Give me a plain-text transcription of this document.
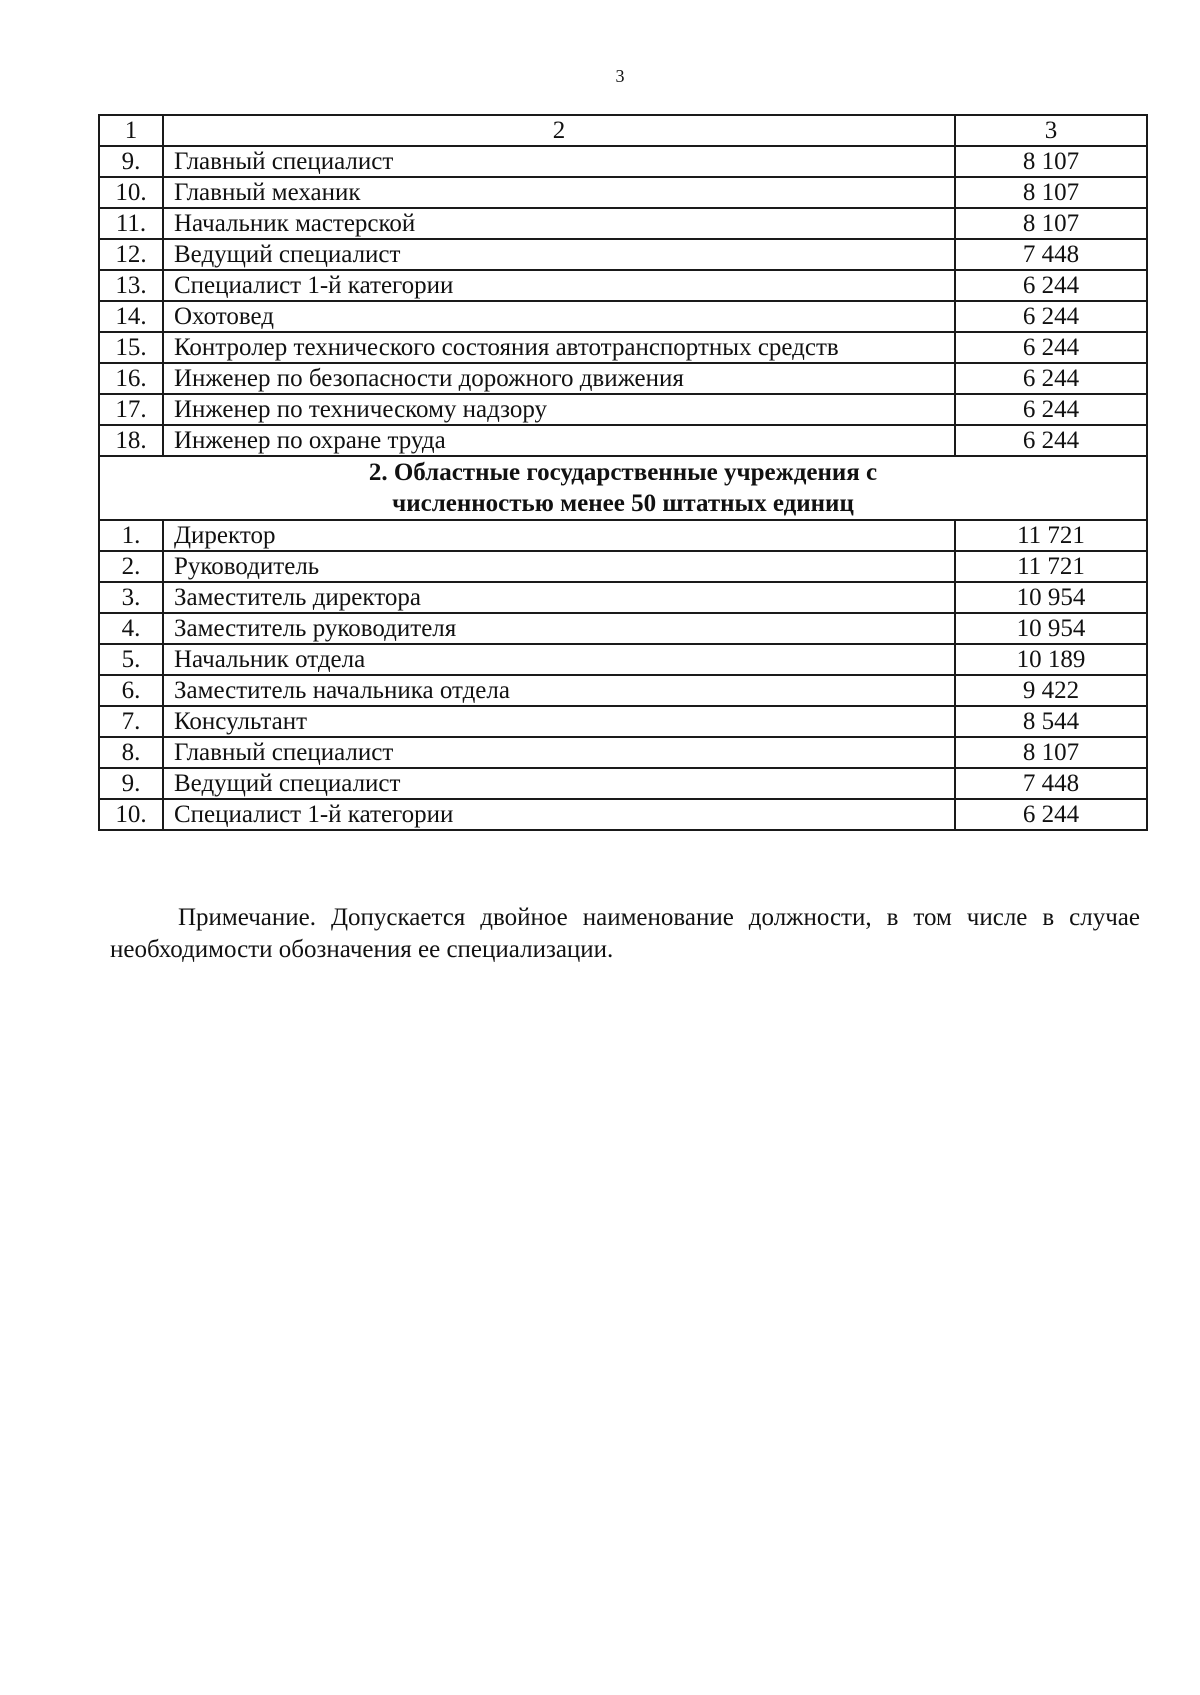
3
1	2	3
9.	Главный специалист	8 107
10.	Главный механик	8 107
11.	Начальник мастерской	8 107
12.	Ведущий специалист	7 448
13.	Специалист 1-й категории	6 244
14.	Охотовед	6 244
15.	Контролер технического состояния автотранспортных средств	6 244
16.	Инженер по безопасности дорожного движения	6 244
17.	Инженер по техническому надзору	6 244
18.	Инженер по охране труда	6 244
2. Областные государственные учреждения с
численностью менее 50 штатных единиц		
1.	Директор	11 721
2.	Руководитель	11 721
3.	Заместитель директора	10 954
4.	Заместитель руководителя	10 954
5.	Начальник отдела	10 189
6.	Заместитель начальника отдела	9 422
7.	Консультант	8 544
8.	Главный специалист	8 107
9.	Ведущий специалист	7 448
10.	Специалист 1-й категории	6 244
Примечание. Допускается двойное наименование должности, в том числе в случае необходимости обозначения ее специализации.
